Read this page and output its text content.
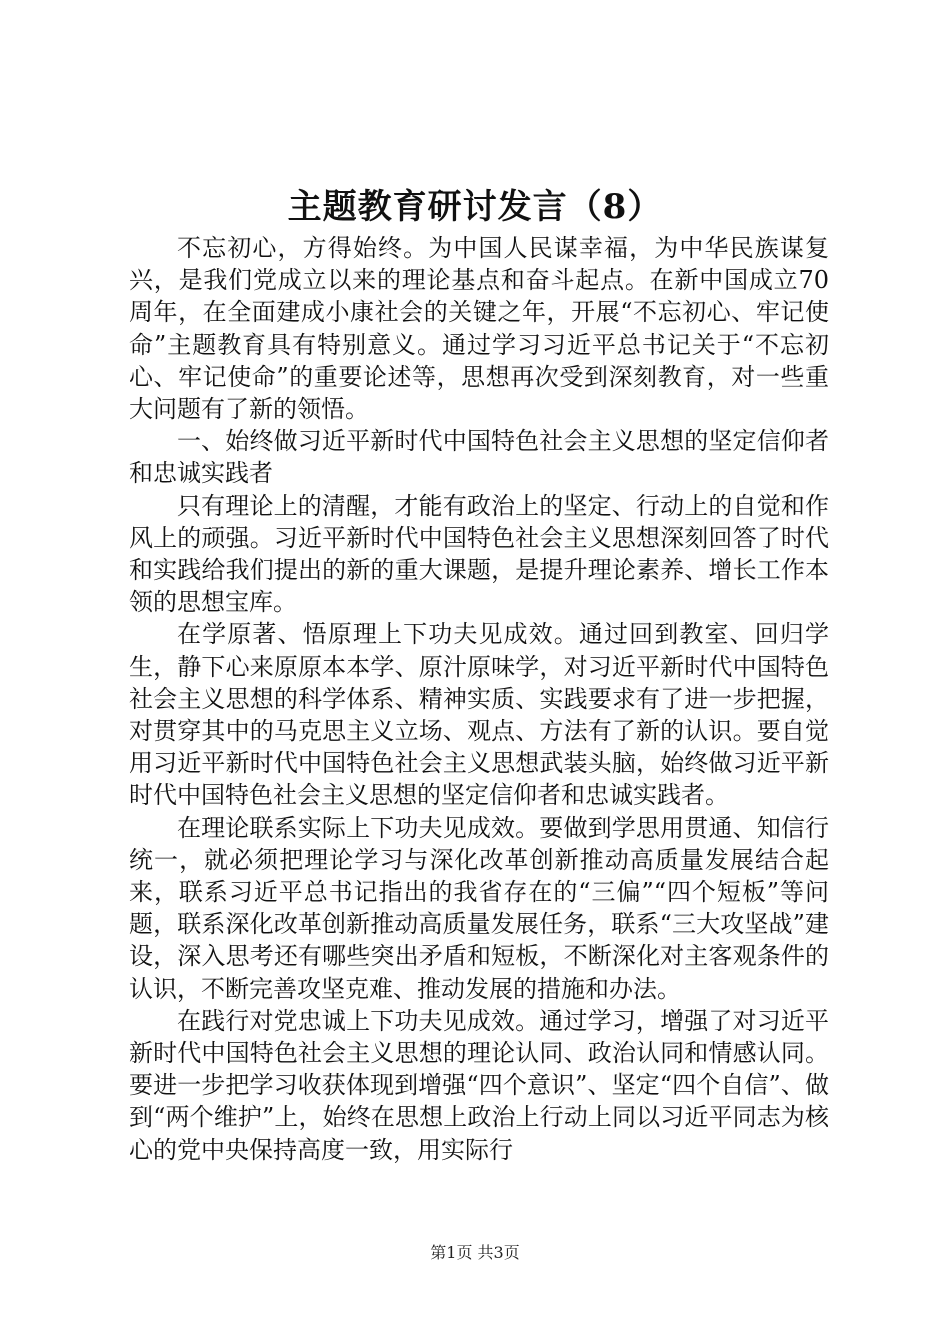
主题教育研讨发言（8）

不忘初心，方得始终。为中国人民谋幸福，为中华民族谋复兴，是我们党成立以来的理论基点和奋斗起点。在新中国成立70周年，在全面建成小康社会的关键之年，开展“不忘初心、牢记使命”主题教育具有特别意义。通过学习习近平总书记关于“不忘初心、牢记使命”的重要论述等，思想再次受到深刻教育，对一些重大问题有了新的领悟。

一、始终做习近平新时代中国特色社会主义思想的坚定信仰者和忠诚实践者

只有理论上的清醒，才能有政治上的坚定、行动上的自觉和作风上的顽强。习近平新时代中国特色社会主义思想深刻回答了时代和实践给我们提出的新的重大课题，是提升理论素养、增长工作本领的思想宝库。

在学原著、悟原理上下功夫见成效。通过回到教室、回归学生，静下心来原原本本学、原汁原味学，对习近平新时代中国特色社会主义思想的科学体系、精神实质、实践要求有了进一步把握，对贯穿其中的马克思主义立场、观点、方法有了新的认识。要自觉用习近平新时代中国特色社会主义思想武装头脑，始终做习近平新时代中国特色社会主义思想的坚定信仰者和忠诚实践者。

在理论联系实际上下功夫见成效。要做到学思用贯通、知信行统一，就必须把理论学习与深化改革创新推动高质量发展结合起来，联系习近平总书记指出的我省存在的“三偏”“四个短板”等问题，联系深化改革创新推动高质量发展任务，联系“三大攻坚战”建设，深入思考还有哪些突出矛盾和短板，不断深化对主客观条件的认识，不断完善攻坚克难、推动发展的措施和办法。

在践行对党忠诚上下功夫见成效。通过学习，增强了对习近平新时代中国特色社会主义思想的理论认同、政治认同和情感认同。要进一步把学习收获体现到增强“四个意识”、坚定“四个自信”、做到“两个维护”上，始终在思想上政治上行动上同以习近平同志为核心的党中央保持高度一致，用实际行

第1页 共3页
